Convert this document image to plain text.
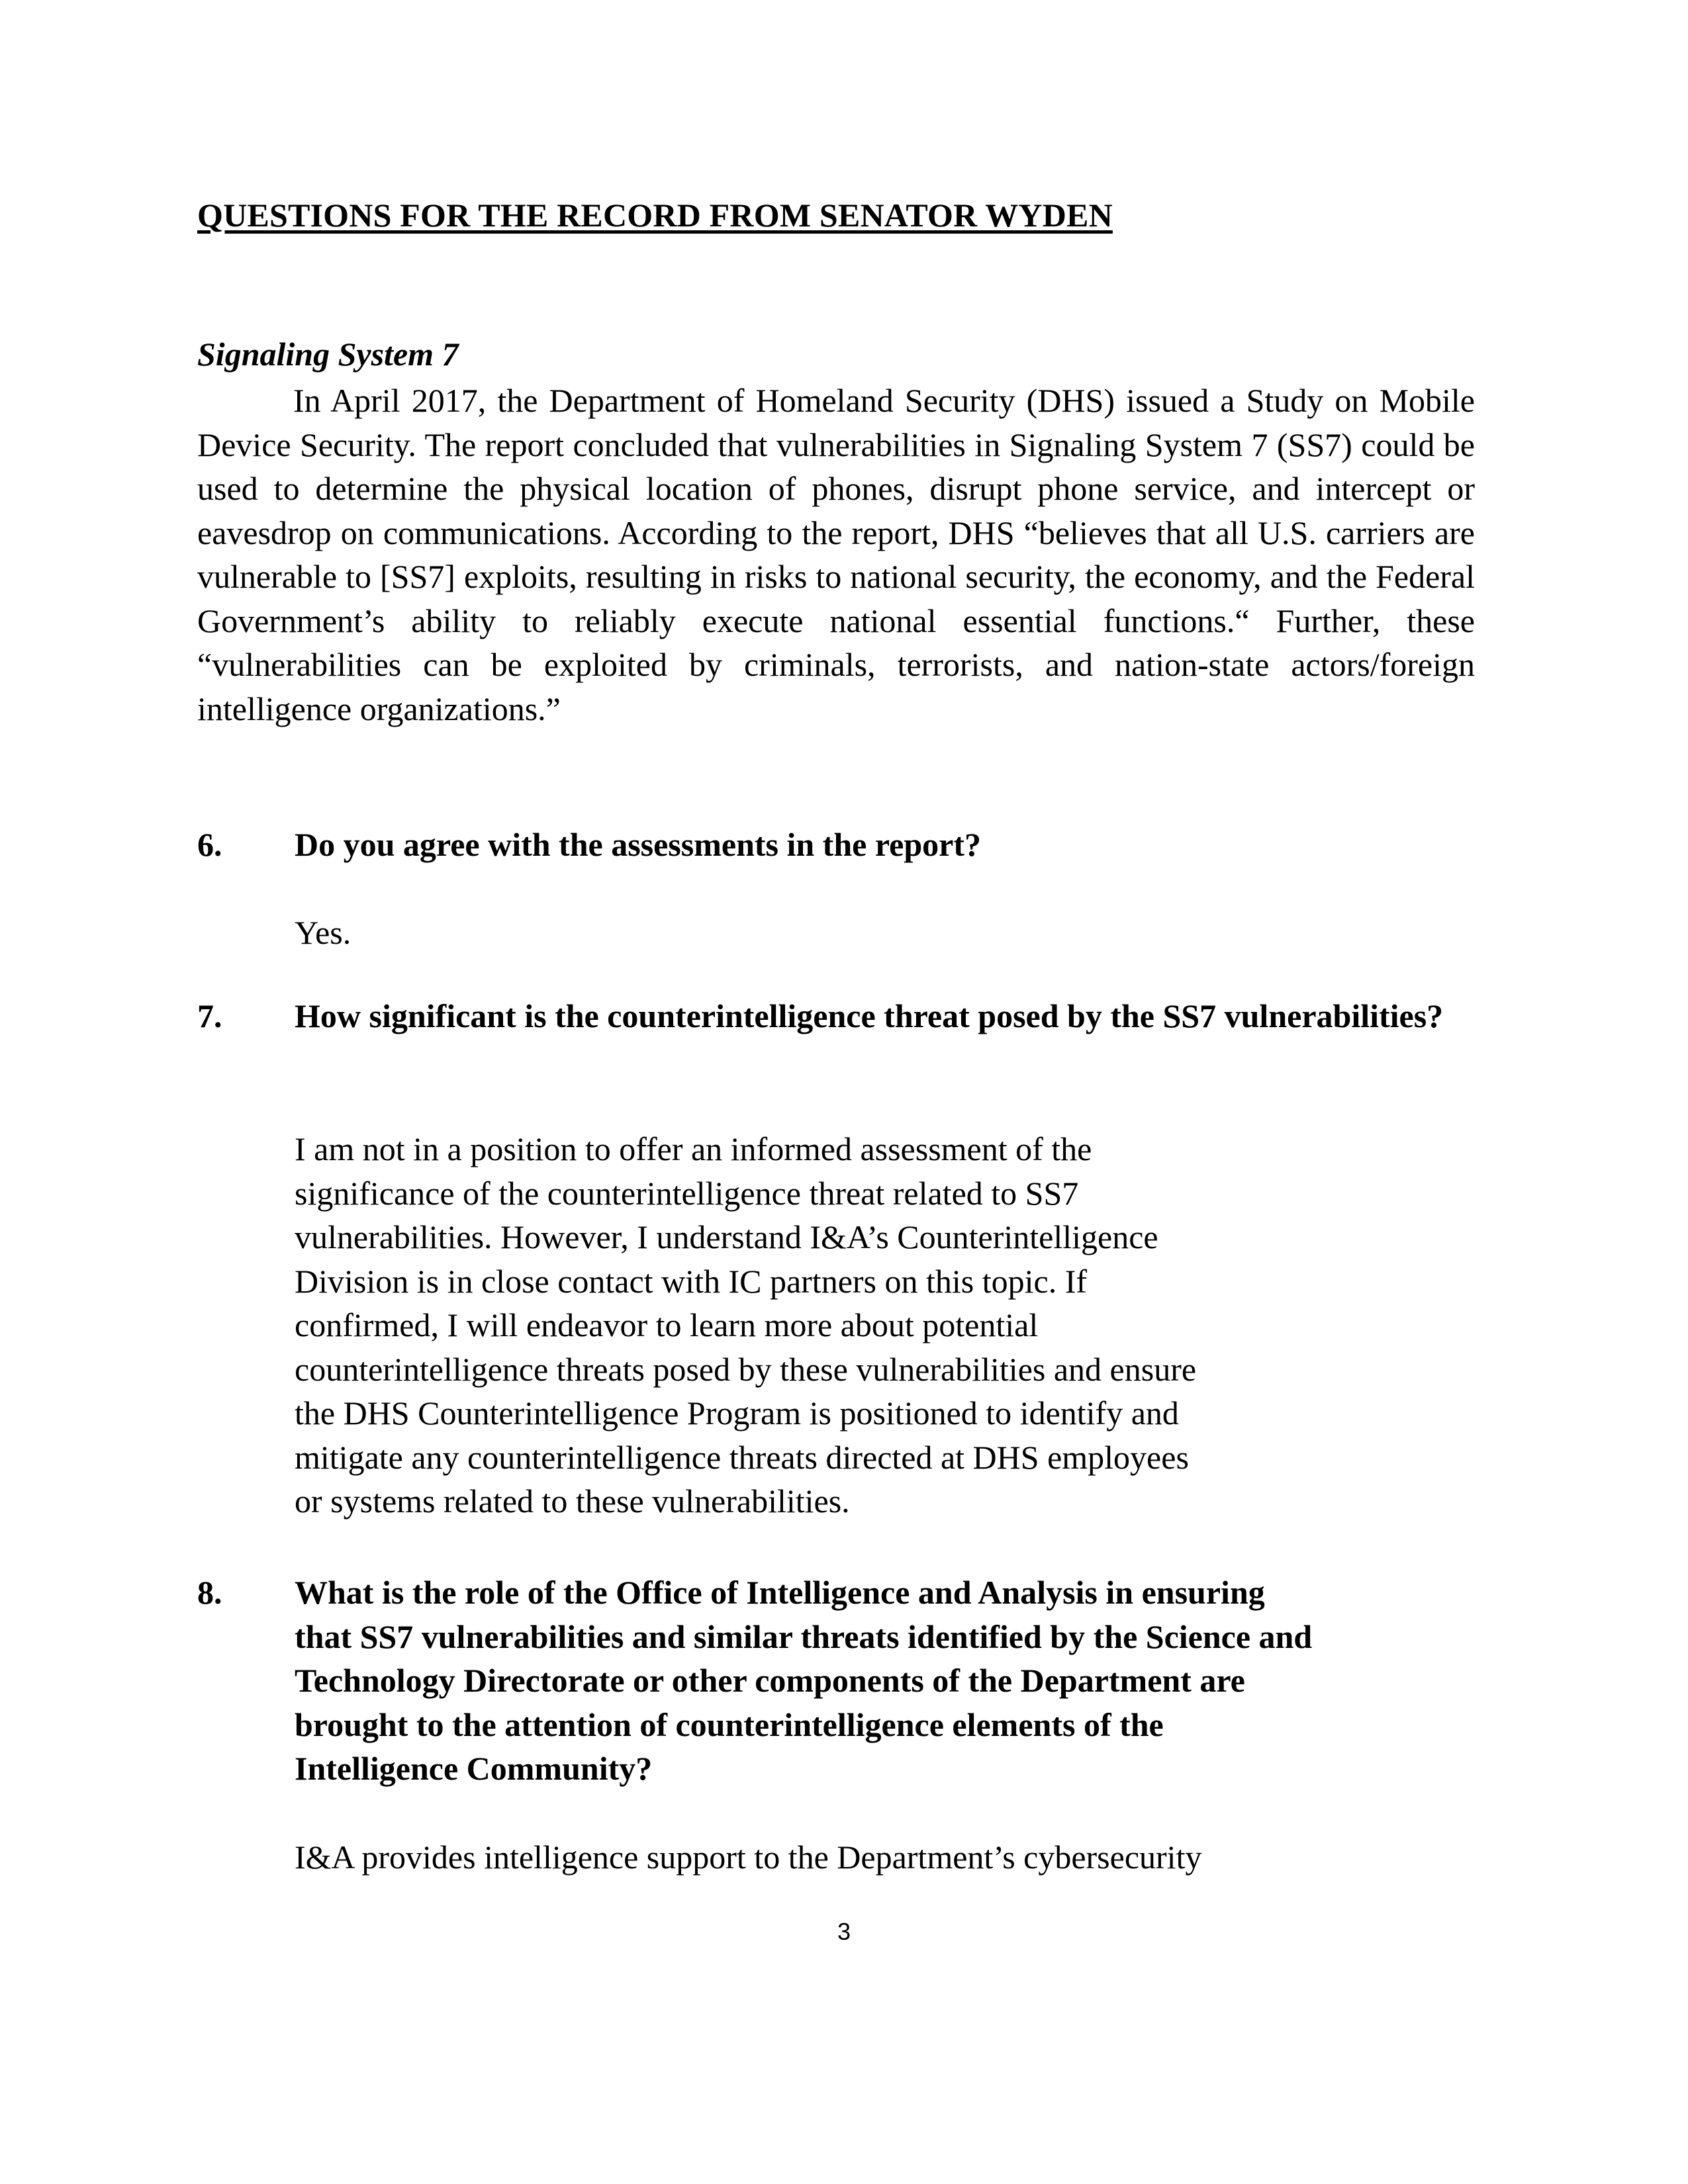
QUESTIONS FOR THE RECORD FROM SENATOR WYDEN
Signaling System 7

In April 2017, the Department of Homeland Security (DHS) issued a Study on Mobile Device Security. The report concluded that vulnerabilities in Signaling System 7 (SS7) could be used to determine the physical location of phones, disrupt phone service, and intercept or eavesdrop on communications. According to the report, DHS “believes that all U.S. carriers are vulnerable to [SS7] exploits, resulting in risks to national security, the economy, and the Federal Government’s ability to reliably execute national essential functions.“ Further, these “vulnerabilities can be exploited by criminals, terrorists, and nation-state actors/foreign intelligence organizations.”

6.	Do you agree with the assessments in the report?
Yes.
7.	How significant is the counterintelligence threat posed by the SS7 vulnerabilities?
I am not in a position to offer an informed assessment of the
significance of the counterintelligence threat related to SS7
vulnerabilities. However, I understand I&A’s Counterintelligence
Division is in close contact with IC partners on this topic. If
confirmed, I will endeavor to learn more about potential
counterintelligence threats posed by these vulnerabilities and ensure
the DHS Counterintelligence Program is positioned to identify and
mitigate any counterintelligence threats directed at DHS employees
or systems related to these vulnerabilities.
8.	What is the role of the Office of Intelligence and Analysis in ensuring
that SS7 vulnerabilities and similar threats identified by the Science and
Technology Directorate or other components of the Department are
brought to the attention of counterintelligence elements of the
Intelligence Community?
I&A provides intelligence support to the Department’s cybersecurity
3
